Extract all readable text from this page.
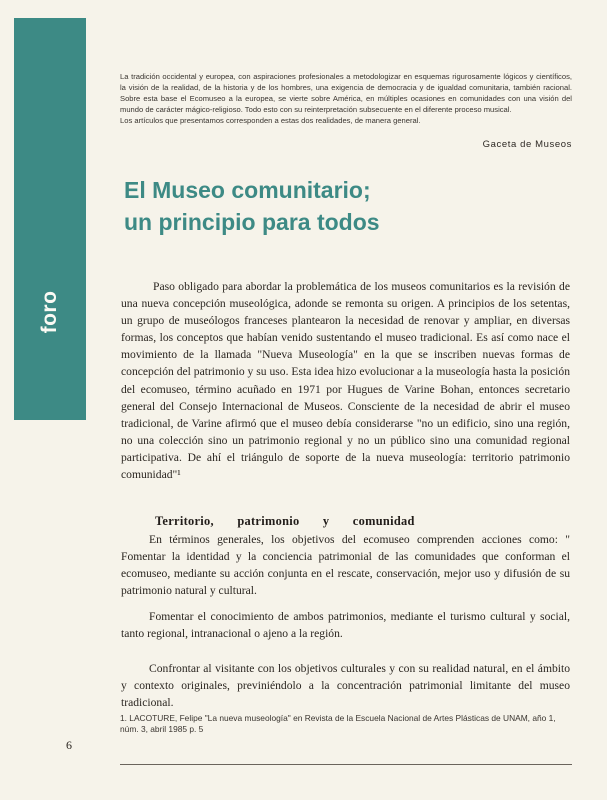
foro

La tradición occidental y europea, con aspiraciones profesionales a metodologizar en esquemas rigurosamente lógicos y científicos, la visión de la realidad, de la historia y de los hombres, una exigencia de democracia y de igualdad comunitaria, también racional. Sobre esta base el Ecomuseo a la europea, se vierte sobre América, en múltiples ocasiones en comunidades con una visión del mundo de carácter mágico-religioso. Todo esto con su reinterpretación subsecuente en el diferente proceso musical.

Los artículos que presentamos corresponden a estas dos realidades, de manera general.

Gaceta de Museos
El Museo comunitario;
un principio para todos

Paso obligado para abordar la problemática de los museos comunitarios es la revisión de una nueva concepción museológica, adonde se remonta su origen. A principios de los setentas, un grupo de museólogos franceses plantearon la necesidad de renovar y ampliar, en diversas formas, los conceptos que habían venido sustentando el museo tradicional. Es así como nace el movimiento de la llamada "Nueva Museología" en la que se inscriben nuevas formas de concepción del patrimonio y su uso. Esta idea hizo evolucionar a la museología hasta la posición del ecomuseo, término acuñado en 1971 por Hugues de Varine Bohan, entonces secretario general del Consejo Internacional de Museos. Consciente de la necesidad de abrir el museo tradicional, de Varine afirmó que el museo debía considerarse "no un edificio, sino una región, no una colección sino un patrimonio regional y no un público sino una comunidad regional participativa. De ahí el triángulo de soporte de la nueva museología: territorio patrimonio comunidad"¹

Territorio, patrimonio y comunidad

En términos generales, los objetivos del ecomuseo comprenden acciones como: " Fomentar la identidad y la conciencia patrimonial de las comunidades que conforman el ecomuseo, mediante su acción conjunta en el rescate, conservación, mejor uso y difusión de su patrimonio natural y cultural.

Fomentar el conocimiento de ambos patrimonios, mediante el turismo cultural y social, tanto regional, intranacional o ajeno a la región.

Confrontar al visitante con los objetivos culturales y con su realidad natural, en el ámbito y contexto originales, previniéndolo a la concentración patrimonial limitante del museo tradicional.

1. LACOTURE, Felipe "La nueva museología" en Revista de la Escuela Nacional de Artes Plásticas de UNAM, año 1, núm. 3, abril 1985 p. 5

6
